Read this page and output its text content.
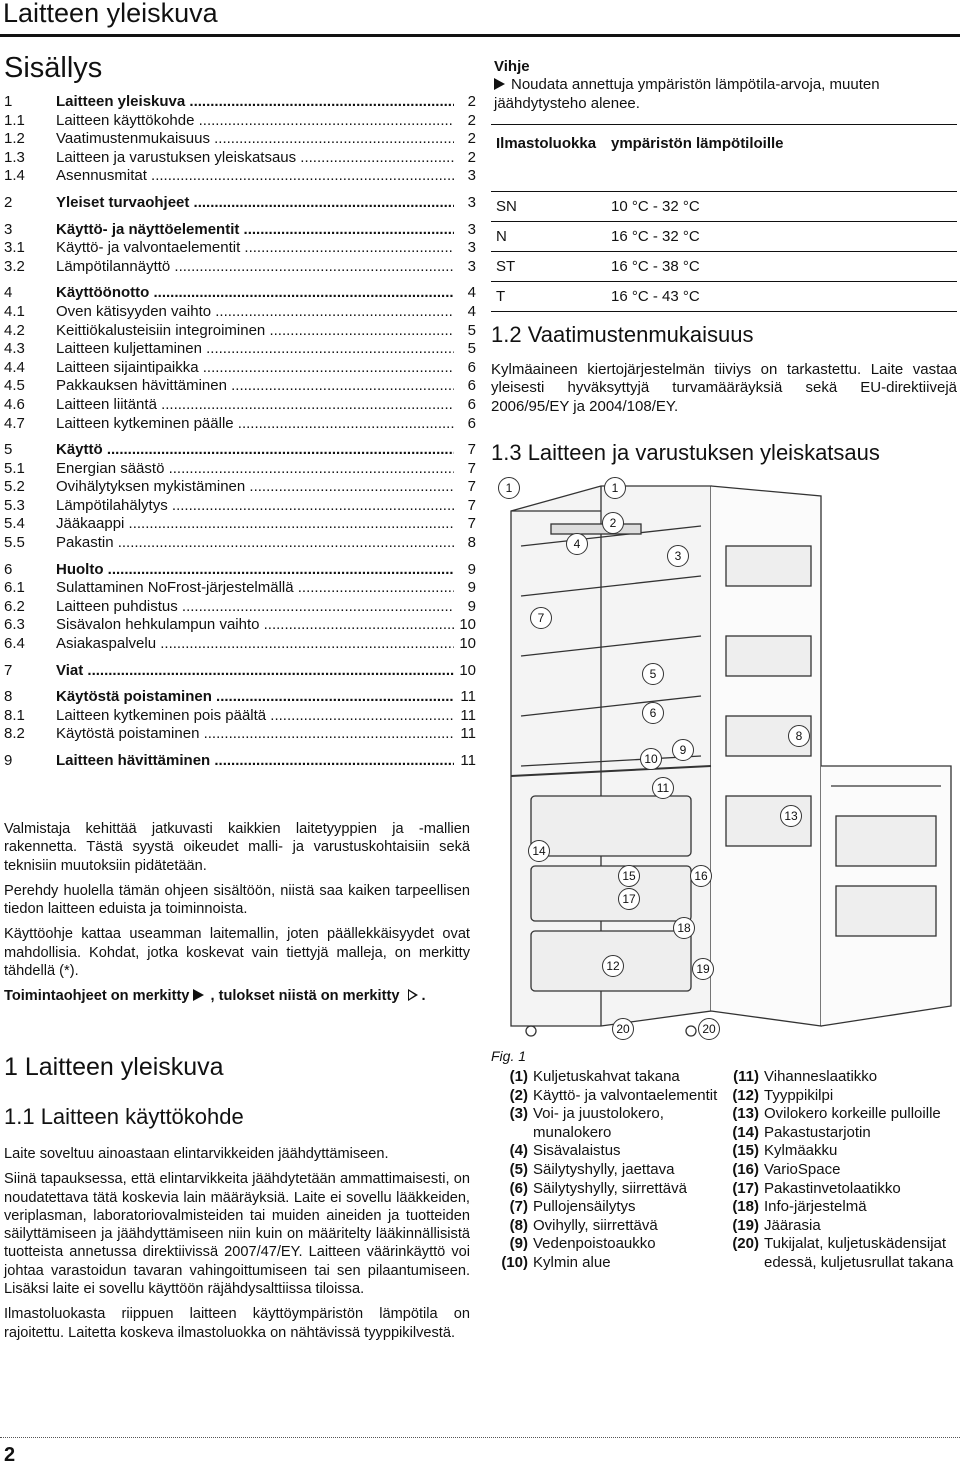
Laitteen yleiskuva
Sisällys
1	Laitteen yleiskuva .....	2
1.1	Laitteen käyttökohde .....	2
1.2	Vaatimustenmukaisuus .....	2
1.3	Laitteen ja varustuksen yleiskatsaus .....	2
1.4	Asennusmitat .....	3
2	Yleiset turvaohjeet .....	3
3	Käyttö- ja näyttöelementit .....	3
3.1	Käyttö- ja valvontaelementit .....	3
3.2	Lämpötilannäyttö .....	3
4	Käyttöönotto .....	4
4.1	Oven kätisyyden vaihto .....	4
4.2	Keittiökalusteisiin integroiminen .....	5
4.3	Laitteen kuljettaminen .....	5
4.4	Laitteen sijaintipaikka .....	6
4.5	Pakkauksen hävittäminen .....	6
4.6	Laitteen liitäntä .....	6
4.7	Laitteen kytkeminen päälle .....	6
5	Käyttö .....	7
5.1	Energian säästö .....	7
5.2	Ovihälytyksen mykistäminen .....	7
5.3	Lämpötilahälytys .....	7
5.4	Jääkaappi .....	7
5.5	Pakastin .....	8
6	Huolto .....	9
6.1	Sulattaminen NoFrost-järjestelmällä .....	9
6.2	Laitteen puhdistus .....	9
6.3	Sisävalon hehkulampun vaihto .....	10
6.4	Asiakaspalvelu .....	10
7	Viat .....	10
8	Käytöstä poistaminen .....	11
8.1	Laitteen kytkeminen pois päältä .....	11
8.2	Käytöstä poistaminen .....	11
9	Laitteen hävittäminen .....	11

Valmistaja kehittää jatkuvasti kaikkien laitetyyppien ja -mallien rakennetta. Tästä syystä oikeudet malli- ja varustuskohtaisiin sekä teknisiin muutoksiin pidätetään.

Perehdy huolella tämän ohjeen sisältöön, niistä saa kaiken tarpeellisen tiedon laitteen eduista ja toiminnoista.

Käyttöohje kattaa useamman laitemallin, joten päällekkäisyydet ovat mahdollisia. Kohdat, jotka koskevat vain tiettyjä malleja, on merkitty tähdellä (*).

Toimintaohjeet on merkitty , tulokset niistä on merkitty .

1 Laitteen yleiskuva
1.1 Laitteen käyttökohde

Laite soveltuu ainoastaan elintarvikkeiden jäähdyttämiseen.

Siinä tapauksessa, että elintarvikkeita jäähdytetään ammattimaisesti, on noudatettava tätä koskevia lain määräyksiä. Laite ei sovellu lääkkeiden, veriplasman, laboratoriovalmisteiden tai muiden aineiden ja tuotteiden säilyttämiseen ja jäähdyttämiseen niin kuin on määritelty lääkinnällisistä tuotteista annetussa direktiivissä 2007/47/EY. Laitteen väärinkäyttö voi johtaa varastoidun tavaran vahingoittumiseen tai sen pilaantumiseen. Lisäksi laite ei sovellu käyttöön räjähdysalttiissa tiloissa.

Ilmastoluokasta riippuen laitteen käyttöympäristön lämpötila on rajoitettu. Laitetta koskeva ilmastoluokka on nähtävissä tyyppikilvestä.

Vihje
Noudata annettuja ympäristön lämpötila-arvoja, muuten jäähdytysteho alenee.
Ilmastoluokka	ympäristön lämpötiloille
SN	10 °C - 32 °C
N	16 °C - 32 °C
ST	16 °C - 38 °C
T	16 °C - 43 °C
1.2 Vaatimustenmukaisuus
Kylmäaineen kiertojärjestelmän tiiviys on tarkastettu. Laite vastaa yleisesti hyväksyttyjä turvamääräyksiä sekä EU-direktiivejä 2006/95/EY ja 2004/108/EY.
1.3 Laitteen ja varustuksen yleiskatsaus
1	1
2
3
4
5
6
7
8
9
10
11
12
13
14
15	16
17
18
19
20	20
Fig. 1
(1) Kuljetuskahvat takana
(2) Käyttö- ja valvontaelementit
(3) Voi- ja juustolokero, munalokero
(4) Sisävalaistus
(5) Säilytyshylly, jaettava
(6) Säilytyshylly, siirrettävä
(7) Pullojensäilytys
(8) Ovihylly, siirrettävä
(9) Vedenpoistoaukko
(10) Kylmin alue
(11) Vihanneslaatikko
(12) Tyyppikilpi
(13) Ovilokero korkeille pulloille
(14) Pakastustarjotin
(15) Kylmäakku
(16) VarioSpace
(17) Pakastinvetolaatikko
(18) Info-järjestelmä
(19) Jäärasia
(20) Tukijalat, kuljetuskädensijat edessä, kuljetusrullat takana
2
